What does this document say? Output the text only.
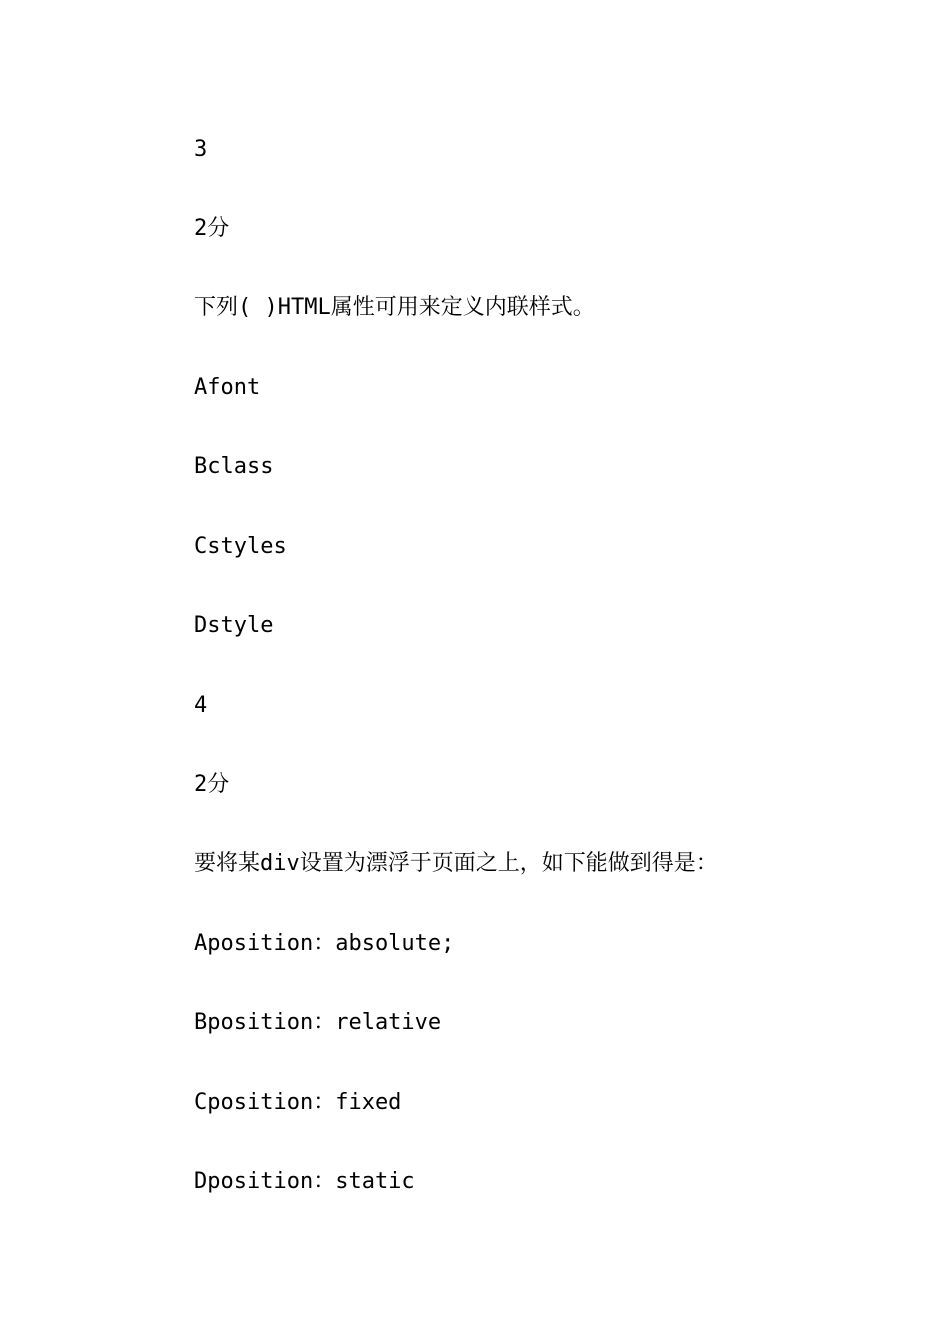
3

2分

下列( )HTML属性可用来定义内联样式。

Afont

Bclass

Cstyles

Dstyle

4

2分

要将某div设置为漂浮于页面之上，如下能做到得是：

Aposition：absolute;

Bposition：relative

Cposition：fixed

Dposition：static
